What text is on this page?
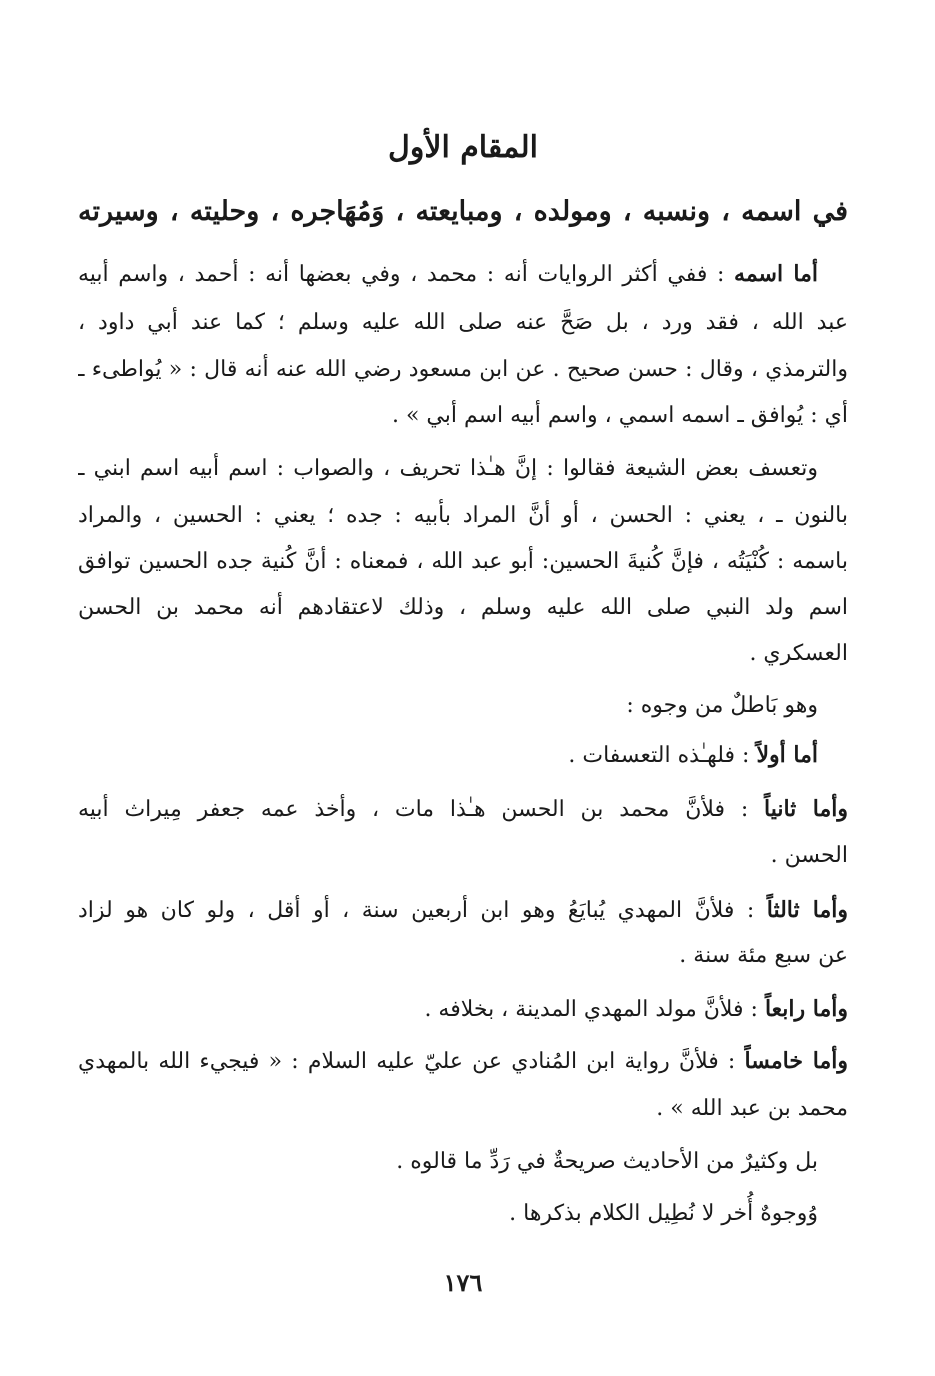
المقام الأول
في اسمه ، ونسبه ، ومولده ، ومبايعته ، وَمُهَاجره ، وحليته ، وسيرته
أما اسمه : ففي أكثر الروايات أنه : محمد ، وفي بعضها أنه : أحمد ، واسم أبيه
عبد الله ، فقد ورد ، بل صَحَّ عنه صلى الله عليه وسلم ؛ كما عند أبي داود ،
والترمذي ، وقال : حسن صحيح . عن ابن مسعود رضي الله عنه أنه قال : « يُواطىء ـ
أي : يُوافق ـ اسمه اسمي ، واسم أبيه اسم أبي » .
وتعسف بعض الشيعة فقالوا : إنَّ هـٰذا تحريف ، والصواب : اسم أبيه اسم ابني ـ
بالنون ـ ، يعني : الحسن ، أو أنَّ المراد بأبيه : جده ؛ يعني : الحسين ، والمراد
باسمه : كُنْيَتُه ، فإنَّ كُنيةَ الحسين: أبو عبد الله ، فمعناه : أنَّ كُنية جده الحسين توافق
اسم ولد النبي صلى الله عليه وسلم ، وذلك لاعتقادهم أنه محمد بن الحسن
العسكري .
وهو بَاطلٌ من وجوه :
أما أولاً : فلهـٰذه التعسفات .
وأما ثانياً : فلأنَّ محمد بن الحسن هـٰذا مات ، وأخذ عمه جعفر مِيراث أبيه
الحسن .
وأما ثالثاً : فلأنَّ المهدي يُبايَعُ وهو ابن أربعين سنة ، أو أقل ، ولو كان هو لزاد
عن سبع مئة سنة .
وأما رابعاً : فلأنَّ مولد المهدي المدينة ، بخلافه .
وأما خامساً : فلأنَّ رواية ابن المُنادي عن عليّ عليه السلام : « فيجيء الله بالمهدي
محمد بن عبد الله » .
بل وكثيرٌ من الأحاديث صريحةٌ في رَدِّ ما قالوه .
وُوجوهٌ أُخر لا نُطِيل الكلام بذكرها .
١٧٦
